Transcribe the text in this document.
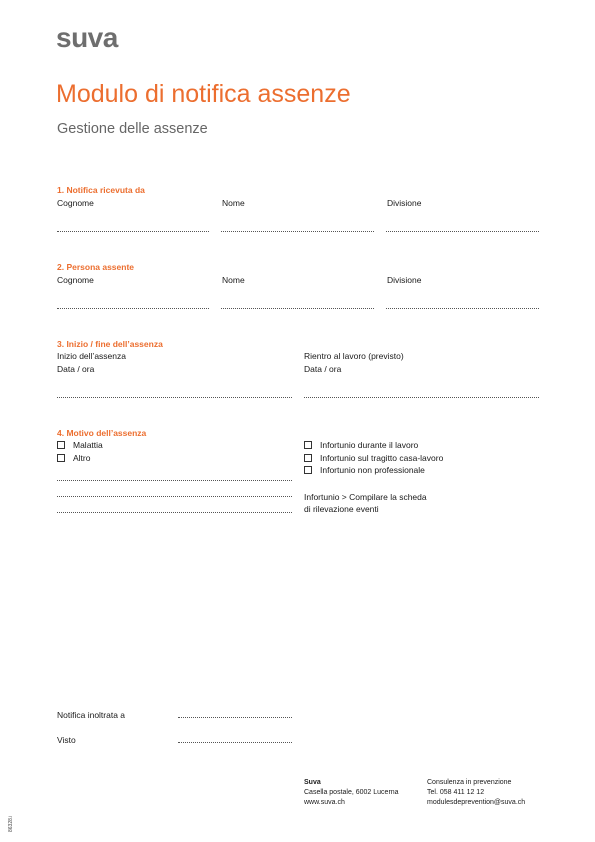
suva
Modulo di notifica assenze
Gestione delle assenze
1. Notifica ricevuta da
Cognome	Nome	Divisione
2. Persona assente
Cognome	Nome	Divisione
3. Inizio / fine dell’assenza
Inizio dell’assenza
Data / ora
Rientro al lavoro (previsto)
Data / ora
4. Motivo dell’assenza
Malattia
Altro
Infortunio durante il lavoro
Infortunio sul tragitto casa-lavoro
Infortunio non professionale
Infortunio > Compilare la scheda
di rilevazione eventi
Notifica inoltrata a
Visto
Suva
Casella postale, 6002 Lucerna
www.suva.ch
Consulenza in prevenzione
Tel. 058 411 12 12
modulesdeprevention@suva.ch
86328.i
